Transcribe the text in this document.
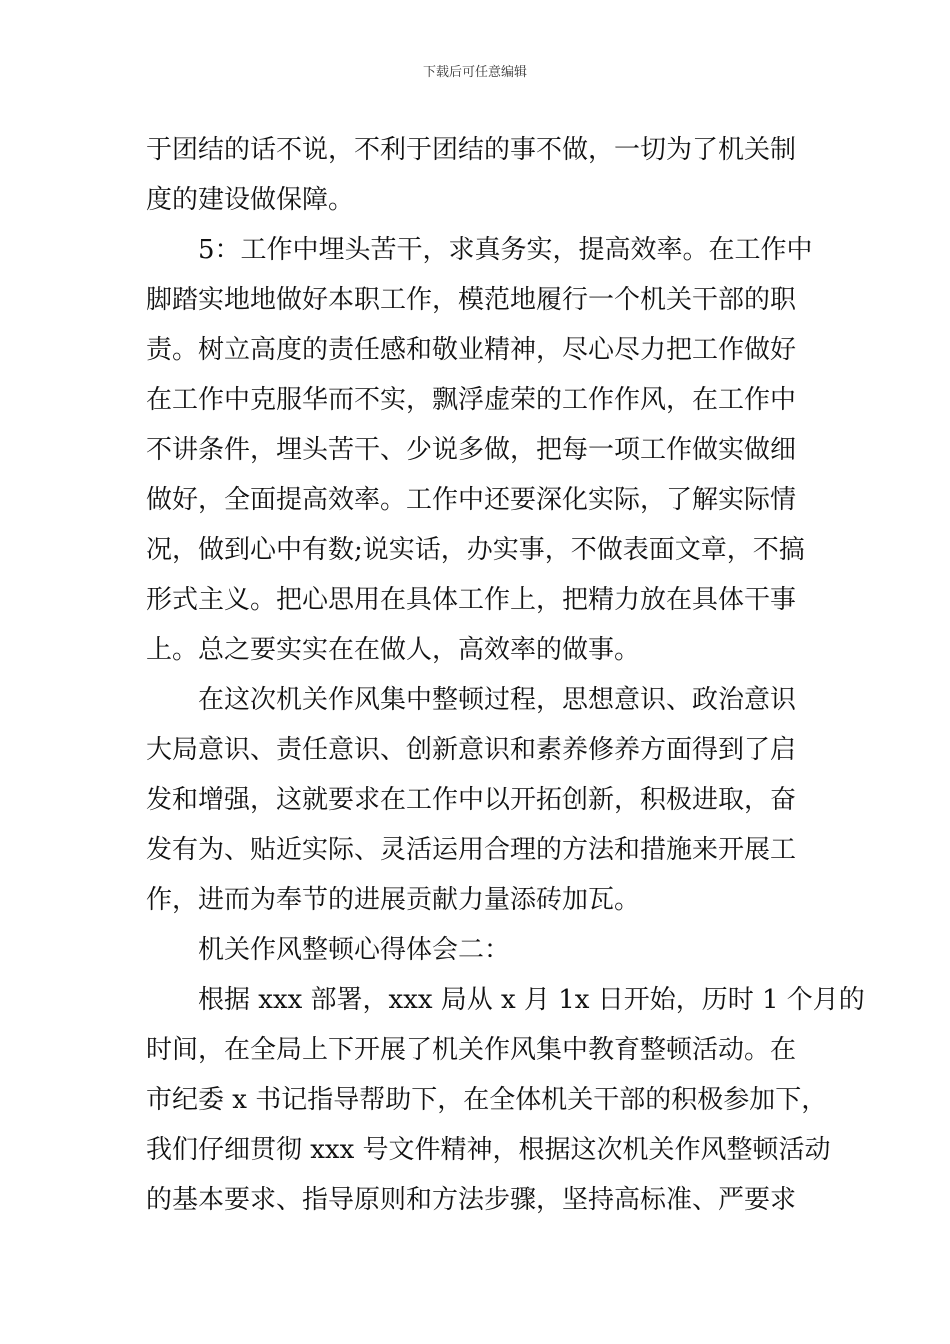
下载后可任意编辑
于团结的话不说，不利于团结的事不做，一切为了机关制
度的建设做保障。
　　5：工作中埋头苦干，求真务实，提高效率。在工作中
脚踏实地地做好本职工作，模范地履行一个机关干部的职
责。树立高度的责任感和敬业精神，尽心尽力把工作做好
在工作中克服华而不实，飘浮虚荣的工作作风，在工作中
不讲条件，埋头苦干、少说多做，把每一项工作做实做细
做好，全面提高效率。工作中还要深化实际，了解实际情
况，做到心中有数;说实话，办实事，不做表面文章，不搞
形式主义。把心思用在具体工作上，把精力放在具体干事
上。总之要实实在在做人，高效率的做事。
　　在这次机关作风集中整顿过程，思想意识、政治意识
大局意识、责任意识、创新意识和素养修养方面得到了启
发和增强，这就要求在工作中以开拓创新，积极进取，奋
发有为、贴近实际、灵活运用合理的方法和措施来开展工
作，进而为奉节的进展贡献力量添砖加瓦。
　　机关作风整顿心得体会二：
　　根据 xxx 部署，xxx 局从 x 月 1x 日开始，历时 1 个月的
时间，在全局上下开展了机关作风集中教育整顿活动。在
市纪委 x 书记指导帮助下，在全体机关干部的积极参加下，
我们仔细贯彻 xxx 号文件精神，根据这次机关作风整顿活动
的基本要求、指导原则和方法步骤，坚持高标准、严要求
